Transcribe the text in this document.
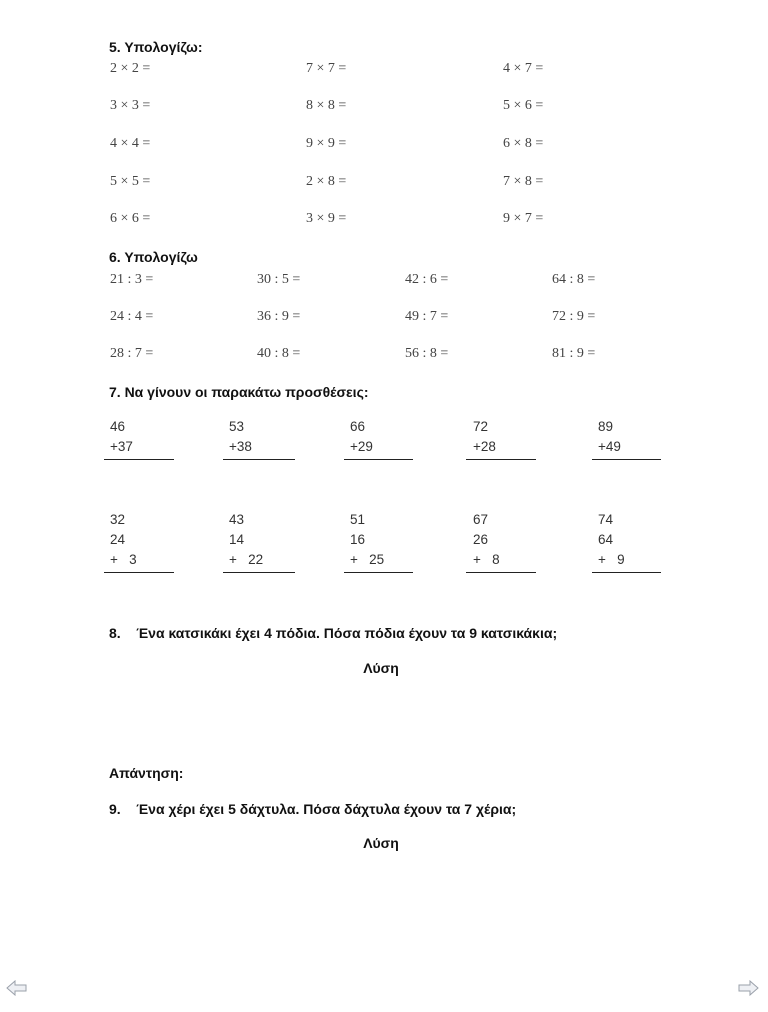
5. Υπολογίζω:
2 × 2 =
3 × 3 =
4 × 4 =
5 × 5 =
6 × 6 =
7 × 7 =
8 × 8 =
9 × 9 =
2 × 8 =
3 × 9 =
4 × 7 =
5 × 6 =
6 × 8 =
7 × 8 =
9 × 7 =
6. Υπολογίζω
21 : 3 =
24 : 4 =
28 : 7 =
30 : 5 =
36 : 9 =
40 : 8 =
42 : 6 =
49 : 7 =
56 : 8 =
64 : 8 =
72 : 9 =
81 : 9 =
7. Να γίνουν οι παρακάτω προσθέσεις:
46
+37
53
+38
66
+29
72
+28
89
+49
32
24
+   3
43
14
+   22
51
16
+   25
67
26
+   8
74
64
+   9
8.    Ένα κατσικάκι έχει 4 πόδια. Πόσα πόδια έχουν τα 9 κατσικάκια;
Λύση
Απάντηση:
9.    Ένα χέρι έχει 5 δάχτυλα. Πόσα δάχτυλα έχουν τα 7 χέρια;
Λύση
